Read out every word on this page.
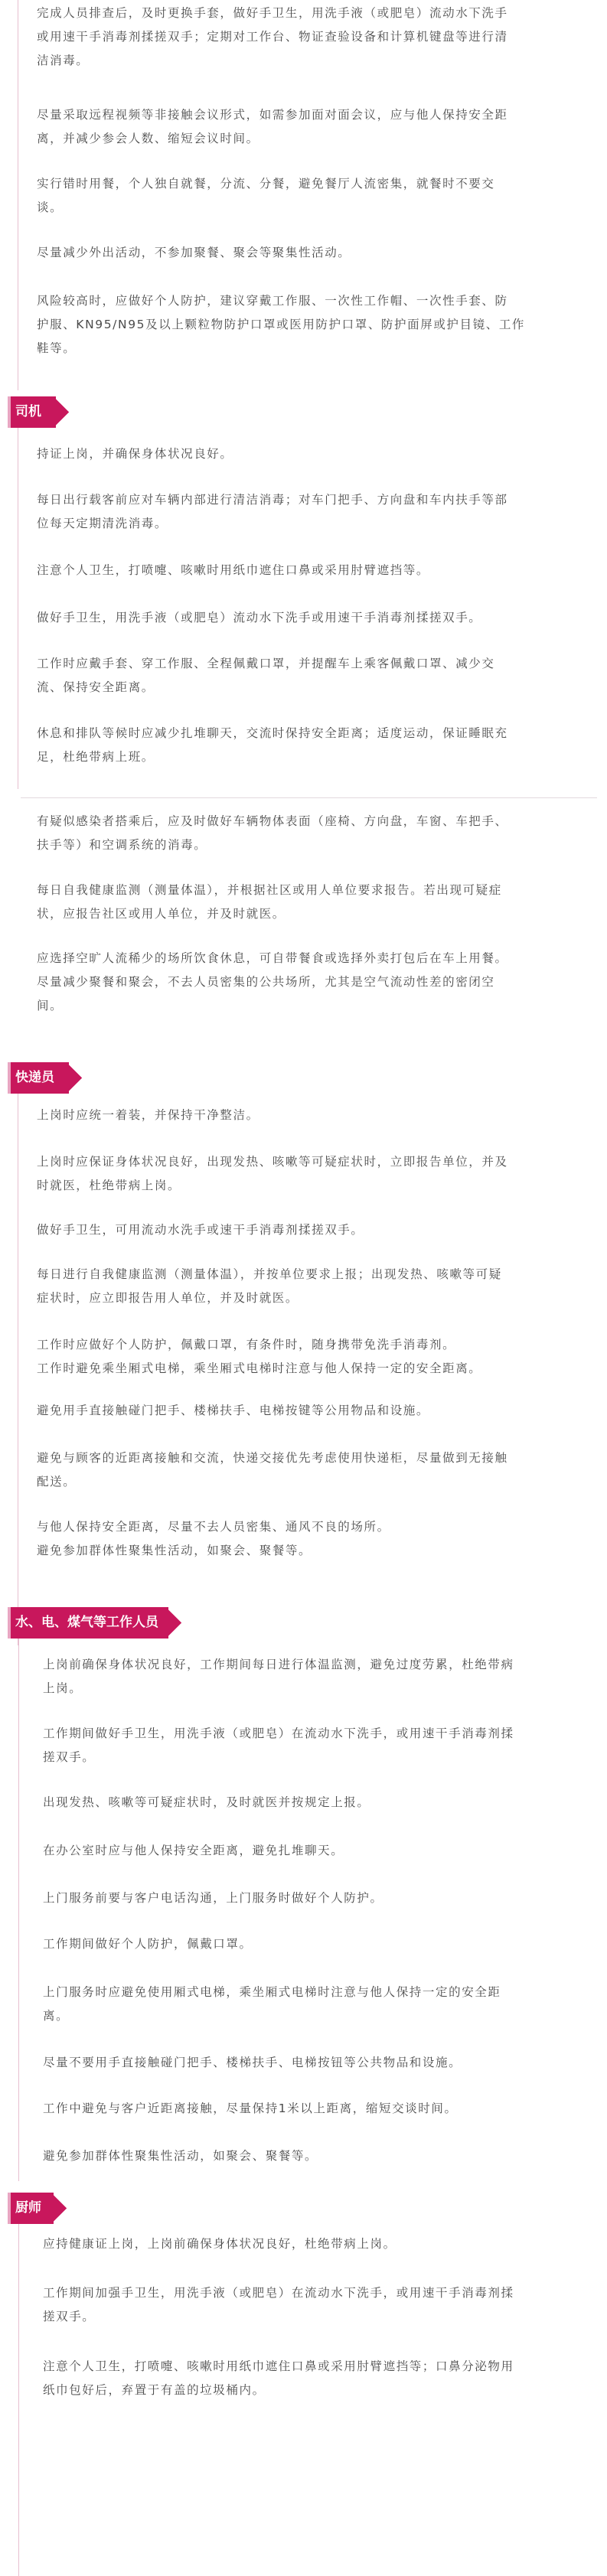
完成人员排查后，及时更换手套，做好手卫生，用洗手液（或肥皂）流动水下洗手
或用速干手消毒剂揉搓双手；定期对工作台、物证查验设备和计算机键盘等进行清
洁消毒。

尽量采取远程视频等非接触会议形式，如需参加面对面会议，应与他人保持安全距
离，并减少参会人数、缩短会议时间。

实行错时用餐，个人独自就餐，分流、分餐，避免餐厅人流密集，就餐时不要交
谈。

尽量减少外出活动，不参加聚餐、聚会等聚集性活动。

风险较高时，应做好个人防护，建议穿戴工作服、一次性工作帽、一次性手套、防
护服、KN95/N95及以上颗粒物防护口罩或医用防护口罩、防护面屏或护目镜、工作
鞋等。

司机

持证上岗，并确保身体状况良好。

每日出行载客前应对车辆内部进行清洁消毒；对车门把手、方向盘和车内扶手等部
位每天定期清洗消毒。

注意个人卫生，打喷嚏、咳嗽时用纸巾遮住口鼻或采用肘臂遮挡等。

做好手卫生，用洗手液（或肥皂）流动水下洗手或用速干手消毒剂揉搓双手。

工作时应戴手套、穿工作服、全程佩戴口罩，并提醒车上乘客佩戴口罩、减少交
流、保持安全距离。

休息和排队等候时应减少扎堆聊天，交流时保持安全距离；适度运动，保证睡眠充
足，杜绝带病上班。

有疑似感染者搭乘后，应及时做好车辆物体表面（座椅、方向盘，车窗、车把手、
扶手等）和空调系统的消毒。

每日自我健康监测（测量体温），并根据社区或用人单位要求报告。若出现可疑症
状，应报告社区或用人单位，并及时就医。

应选择空旷人流稀少的场所饮食休息，可自带餐食或选择外卖打包后在车上用餐。
尽量减少聚餐和聚会，不去人员密集的公共场所，尤其是空气流动性差的密闭空
间。

快递员

上岗时应统一着装，并保持干净整洁。

上岗时应保证身体状况良好，出现发热、咳嗽等可疑症状时，立即报告单位，并及
时就医，杜绝带病上岗。

做好手卫生，可用流动水洗手或速干手消毒剂揉搓双手。

每日进行自我健康监测（测量体温），并按单位要求上报；出现发热、咳嗽等可疑
症状时，应立即报告用人单位，并及时就医。

工作时应做好个人防护，佩戴口罩，有条件时，随身携带免洗手消毒剂。
工作时避免乘坐厢式电梯，乘坐厢式电梯时注意与他人保持一定的安全距离。

避免用手直接触碰门把手、楼梯扶手、电梯按键等公用物品和设施。

避免与顾客的近距离接触和交流，快递交接优先考虑使用快递柜，尽量做到无接触
配送。

与他人保持安全距离，尽量不去人员密集、通风不良的场所。
避免参加群体性聚集性活动，如聚会、聚餐等。

水、电、煤气等工作人员

上岗前确保身体状况良好，工作期间每日进行体温监测，避免过度劳累，杜绝带病
上岗。

工作期间做好手卫生，用洗手液（或肥皂）在流动水下洗手，或用速干手消毒剂揉
搓双手。

出现发热、咳嗽等可疑症状时，及时就医并按规定上报。

在办公室时应与他人保持安全距离，避免扎堆聊天。

上门服务前要与客户电话沟通，上门服务时做好个人防护。

工作期间做好个人防护，佩戴口罩。

上门服务时应避免使用厢式电梯，乘坐厢式电梯时注意与他人保持一定的安全距
离。

尽量不要用手直接触碰门把手、楼梯扶手、电梯按钮等公共物品和设施。

工作中避免与客户近距离接触，尽量保持1米以上距离，缩短交谈时间。

避免参加群体性聚集性活动，如聚会、聚餐等。

厨师

应持健康证上岗，上岗前确保身体状况良好，杜绝带病上岗。

工作期间加强手卫生，用洗手液（或肥皂）在流动水下洗手，或用速干手消毒剂揉
搓双手。

注意个人卫生，打喷嚏、咳嗽时用纸巾遮住口鼻或采用肘臂遮挡等；口鼻分泌物用
纸巾包好后，弃置于有盖的垃圾桶内。
